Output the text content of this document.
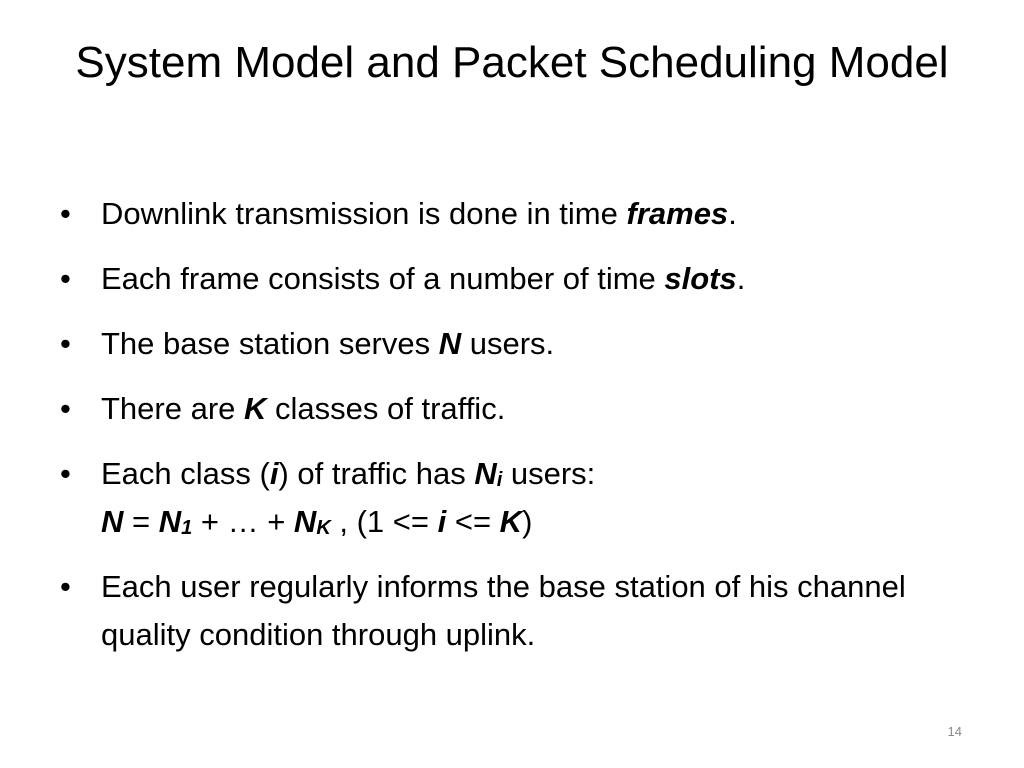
System Model and Packet Scheduling Model
• Downlink transmission is done in time frames.
• Each frame consists of a number of time slots.
• The base station serves N users.
• There are K classes of traffic.
• Each class (i) of traffic has $N_i$ users:
$N = N_1$ + … + $N_K$ , (1 <= i <= K)
• Each user regularly informs the base station of his channel quality condition through uplink.
14
